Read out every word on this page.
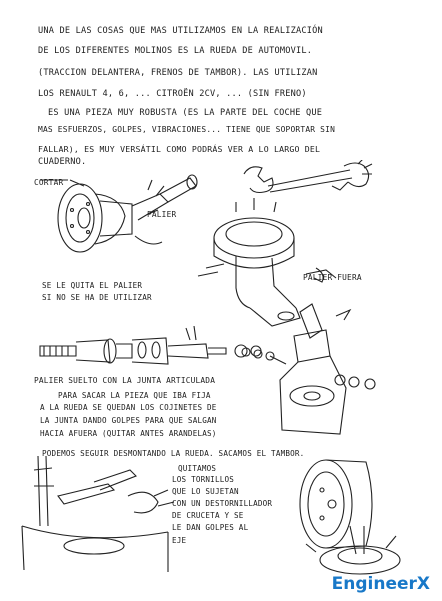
UNA DE LAS COSAS QUE MAS UTILIZAMOS EN LA REALIZACIÓN
DE LOS DIFERENTES MOLINOS ES LA RUEDA DE AUTOMOVIL.
(TRACCION DELANTERA, FRENOS DE TAMBOR). LAS UTILIZAN
LOS RENAULT 4, 6, ... CITROËN 2CV, ... (SIN FRENO)
ES UNA PIEZA MUY ROBUSTA (ES LA PARTE DEL COCHE QUE
MAS ESFUERZOS, GOLPES, VIBRACIONES... TIENE QUE SOPORTAR SIN
FALLAR), ES MUY VERSÁTIL COMO PODRÁS VER A LO LARGO DEL
CUADERNO.
CORTAR
PALIER
PALIER FUERA
SE LE QUITA EL PALIER
SI NO SE HA DE UTILIZAR
PALIER SUELTO CON LA JUNTA ARTICULADA
PARA SACAR LA PIEZA QUE IBA FIJA
A LA RUEDA SE QUEDAN LOS COJINETES DE
LA JUNTA DANDO GOLPES PARA QUE SALGAN
HACIA AFUERA (QUITAR ANTES ARANDELAS)
PODEMOS SEGUIR DESMONTANDO LA RUEDA. SACAMOS EL TAMBOR.
QUITAMOS
LOS TORNILLOS
QUE LO SUJETAN
CON UN DESTORNILLADOR
DE CRUCETA Y SE
LE DAN GOLPES AL
EJE
EngineerX
